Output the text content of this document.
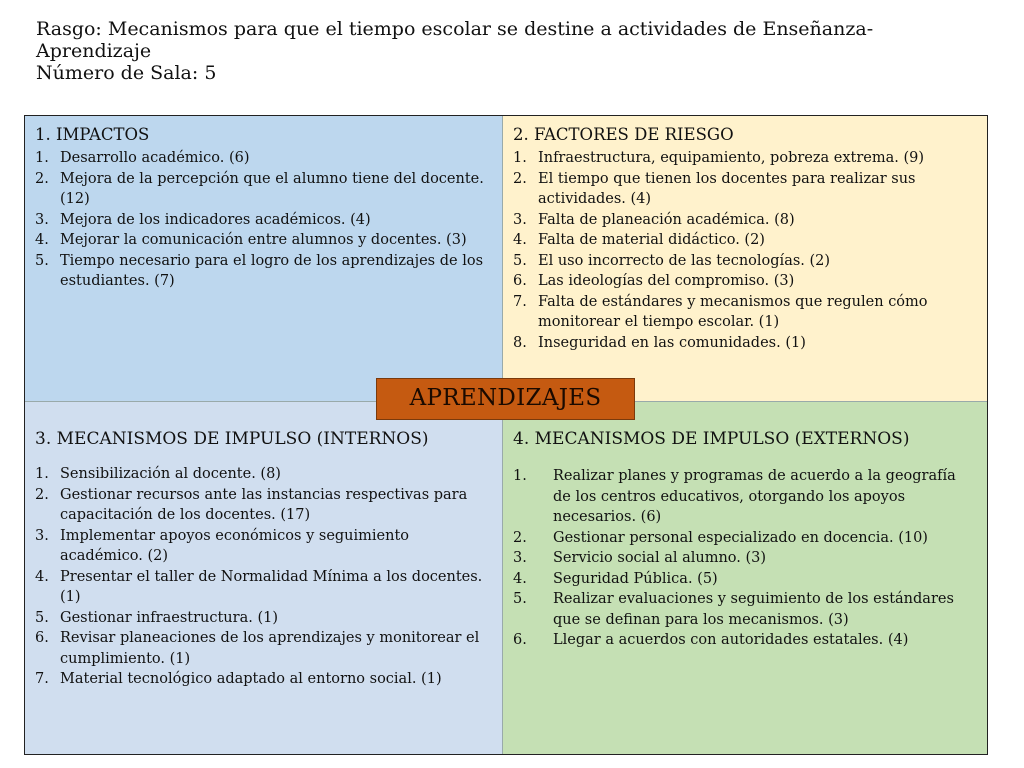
Rasgo: Mecanismos para que el tiempo escolar se destine a actividades de Enseñanza-
Aprendizaje
Número de Sala: 5
1. IMPACTOS
1. Desarrollo académico. (6)
2. Mejora de la percepción que el alumno tiene del docente. (12)
3. Mejora de los indicadores académicos. (4)
4. Mejorar la comunicación entre alumnos y docentes. (3)
5. Tiempo necesario para el logro de los aprendizajes de los estudiantes. (7)
2. FACTORES DE RIESGO
1. Infraestructura, equipamiento, pobreza extrema. (9)
2. El tiempo que tienen los docentes para realizar sus actividades. (4)
3. Falta de planeación académica. (8)
4. Falta de material didáctico. (2)
5. El uso incorrecto de las tecnologías. (2)
6. Las ideologías del compromiso. (3)
7. Falta de estándares y mecanismos que regulen cómo monitorear el tiempo escolar. (1)
8. Inseguridad en las comunidades. (1)
3. MECANISMOS DE IMPULSO (INTERNOS)
1. Sensibilización al docente. (8)
2. Gestionar recursos ante las instancias respectivas para capacitación de los docentes. (17)
3. Implementar apoyos económicos y seguimiento académico. (2)
4. Presentar el taller de Normalidad Mínima a los docentes. (1)
5. Gestionar infraestructura. (1)
6. Revisar planeaciones de los aprendizajes y monitorear el cumplimiento. (1)
7. Material tecnológico adaptado al entorno social. (1)
4. MECANISMOS DE IMPULSO (EXTERNOS)
1. Realizar planes y programas de acuerdo a la geografía de los centros educativos, otorgando los apoyos necesarios. (6)
2. Gestionar personal especializado en docencia. (10)
3. Servicio social al alumno. (3)
4. Seguridad Pública. (5)
5. Realizar evaluaciones y seguimiento de los estándares que se definan para los mecanismos. (3)
6. Llegar a acuerdos con autoridades estatales. (4)
APRENDIZAJES
